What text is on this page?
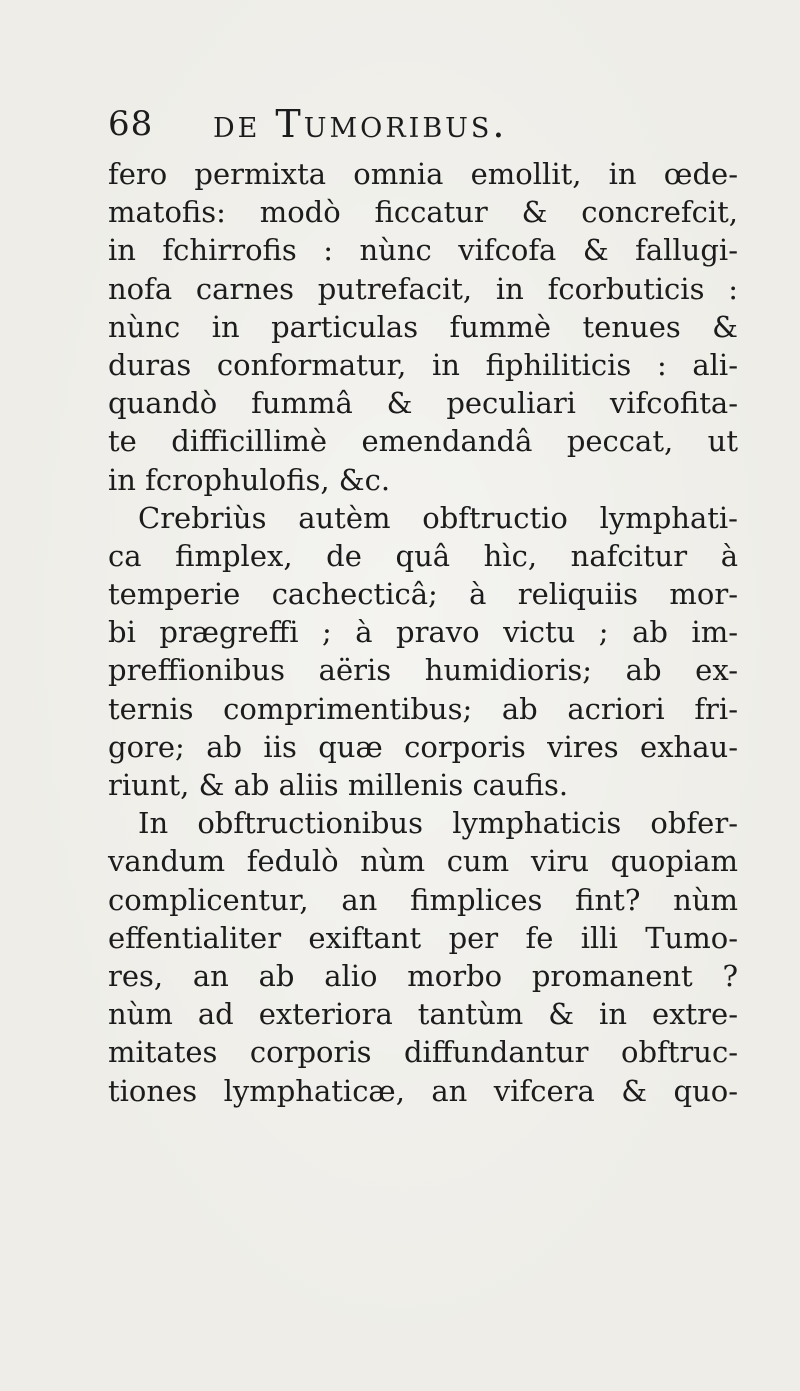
68 de Tumoribus.
fero permixta omnia emollit, in œde-
matofis: modò ficcatur & concrefcit,
in fchirrofis : nùnc vifcofa & fallugi-
nofa carnes putrefacit, in fcorbuticis :
nùnc in particulas fummè tenues &
duras conformatur, in fiphiliticis : ali-
quandò fummâ & peculiari vifcofita-
te difficillimè emendandâ peccat, ut
in fcrophulofis, &c.
Crebriùs autèm obftructio lymphati-
ca fimplex, de quâ hìc, nafcitur à
temperie cachecticâ; à reliquiis mor-
bi prægreffi ; à pravo victu ; ab im-
preffionibus aëris humidioris; ab ex-
ternis comprimentibus; ab acriori fri-
gore; ab iis quæ corporis vires exhau-
riunt, & ab aliis millenis caufis.
In obftructionibus lymphaticis obfer-
vandum fedulò nùm cum viru quopiam
complicentur, an fimplices fint? nùm
effentialiter exiftant per fe illi Tumo-
res, an ab alio morbo promanent ?
nùm ad exteriora tantùm & in extre-
mitates corporis diffundantur obftruc-
tiones lymphaticæ, an vifcera & quo-
